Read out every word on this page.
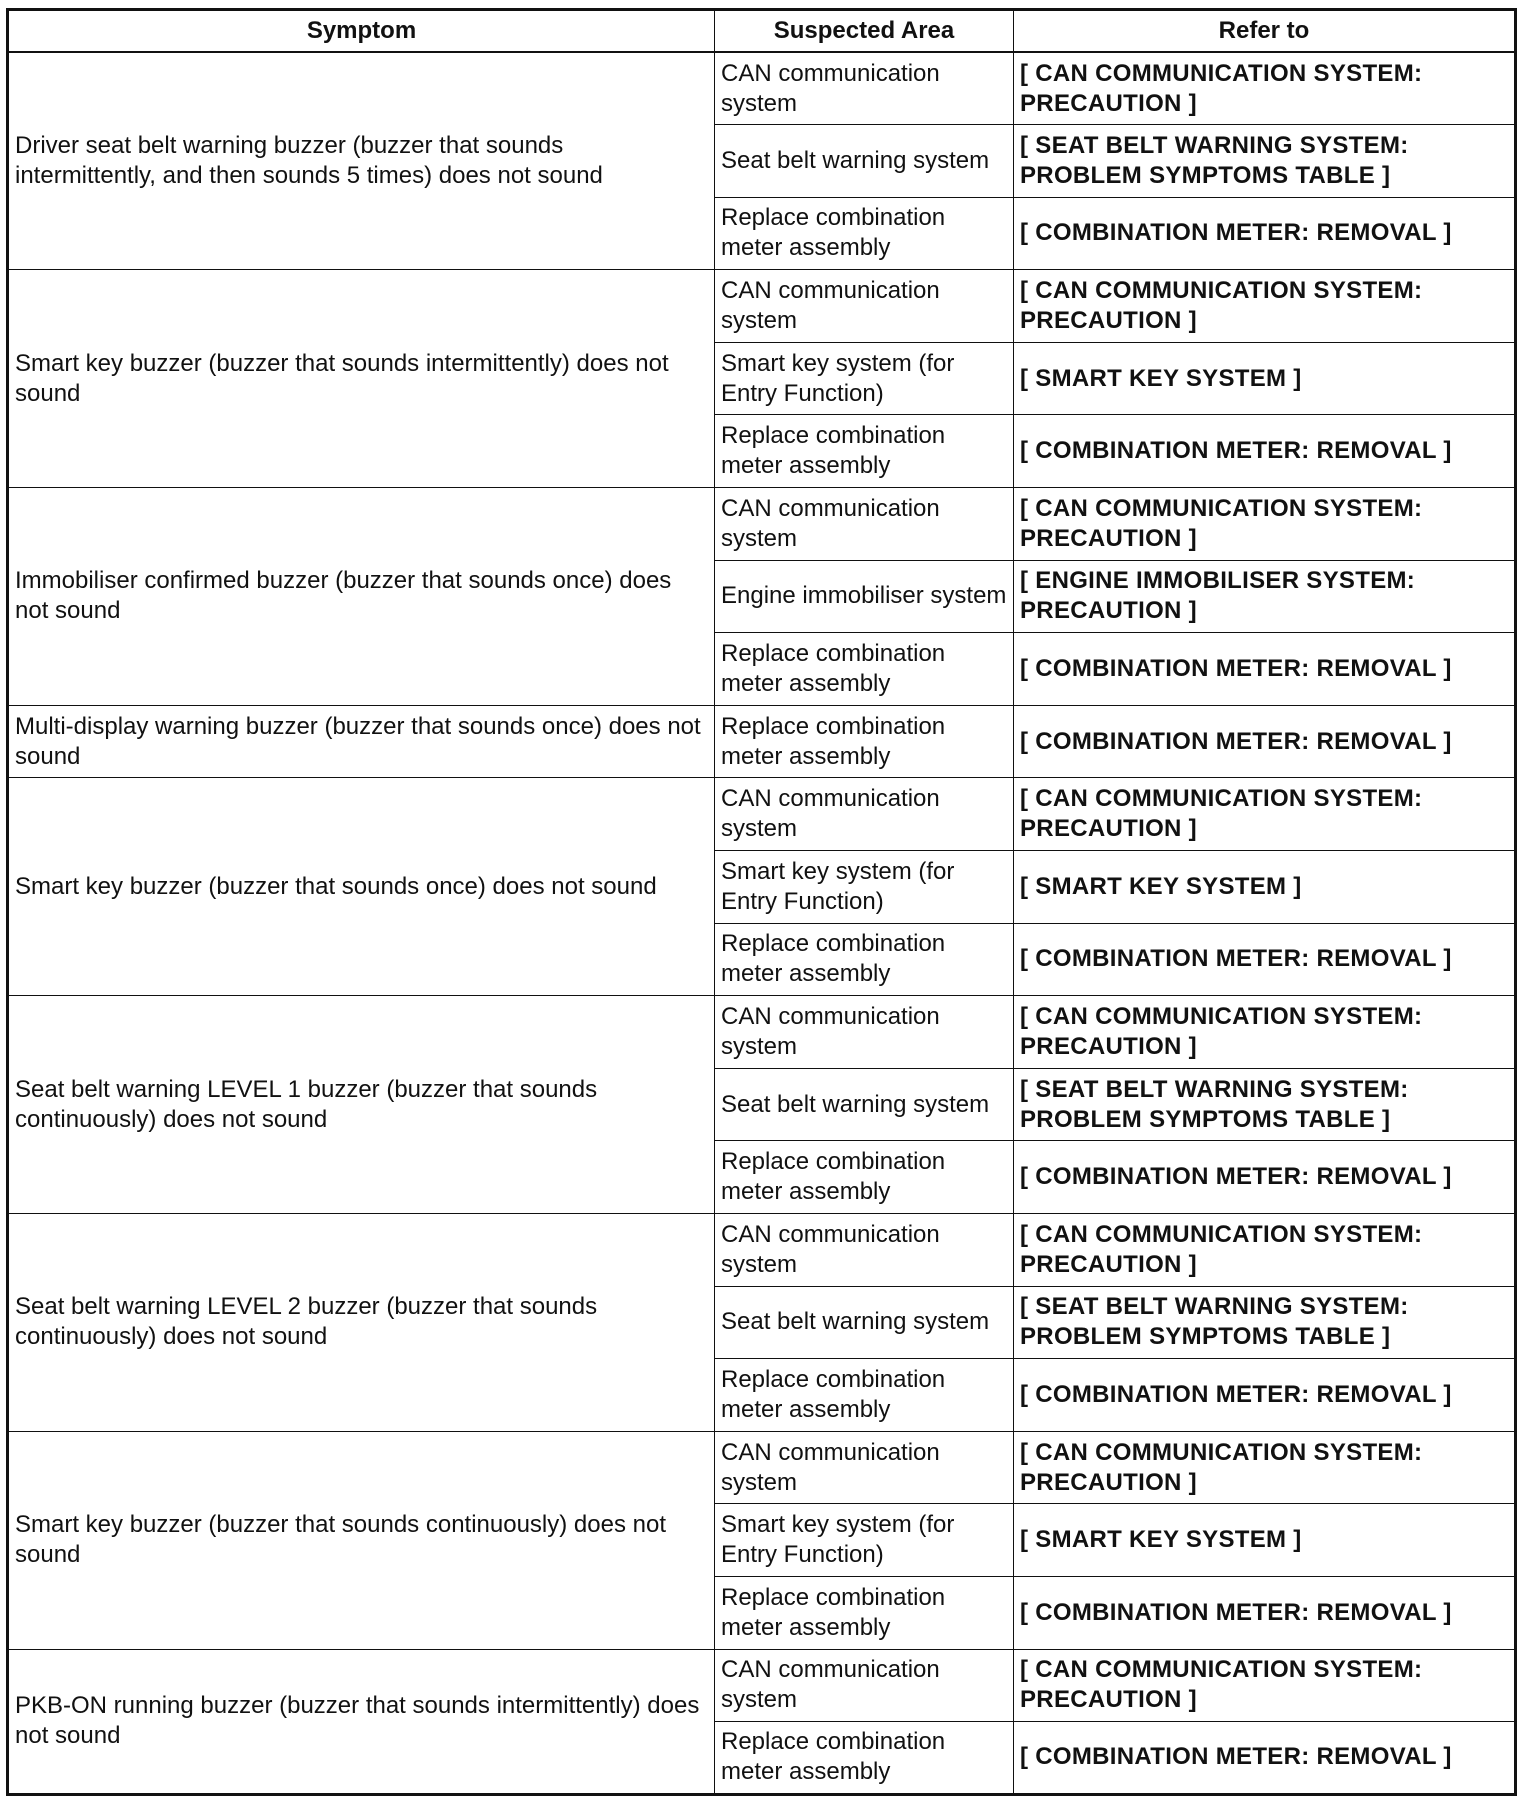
Symptom	Suspected Area	Refer to
Driver seat belt warning buzzer (buzzer that sounds intermittently, and then sounds 5 times) does not sound	CAN communication system	[ CAN COMMUNICATION SYSTEM: PRECAUTION ]
	Seat belt warning system	[ SEAT BELT WARNING SYSTEM: PROBLEM SYMPTOMS TABLE ]
	Replace combination meter assembly	[ COMBINATION METER: REMOVAL ]
Smart key buzzer (buzzer that sounds intermittently) does not sound	CAN communication system	[ CAN COMMUNICATION SYSTEM: PRECAUTION ]
	Smart key system (for Entry Function)	[ SMART KEY SYSTEM ]
	Replace combination meter assembly	[ COMBINATION METER: REMOVAL ]
Immobiliser confirmed buzzer (buzzer that sounds once) does not sound	CAN communication system	[ CAN COMMUNICATION SYSTEM: PRECAUTION ]
	Engine immobiliser system	[ ENGINE IMMOBILISER SYSTEM: PRECAUTION ]
	Replace combination meter assembly	[ COMBINATION METER: REMOVAL ]
Multi-display warning buzzer (buzzer that sounds once) does not sound	Replace combination meter assembly	[ COMBINATION METER: REMOVAL ]
Smart key buzzer (buzzer that sounds once) does not sound	CAN communication system	[ CAN COMMUNICATION SYSTEM: PRECAUTION ]
	Smart key system (for Entry Function)	[ SMART KEY SYSTEM ]
	Replace combination meter assembly	[ COMBINATION METER: REMOVAL ]
Seat belt warning LEVEL 1 buzzer (buzzer that sounds continuously) does not sound	CAN communication system	[ CAN COMMUNICATION SYSTEM: PRECAUTION ]
	Seat belt warning system	[ SEAT BELT WARNING SYSTEM: PROBLEM SYMPTOMS TABLE ]
	Replace combination meter assembly	[ COMBINATION METER: REMOVAL ]
Seat belt warning LEVEL 2 buzzer (buzzer that sounds continuously) does not sound	CAN communication system	[ CAN COMMUNICATION SYSTEM: PRECAUTION ]
	Seat belt warning system	[ SEAT BELT WARNING SYSTEM: PROBLEM SYMPTOMS TABLE ]
	Replace combination meter assembly	[ COMBINATION METER: REMOVAL ]
Smart key buzzer (buzzer that sounds continuously) does not sound	CAN communication system	[ CAN COMMUNICATION SYSTEM: PRECAUTION ]
	Smart key system (for Entry Function)	[ SMART KEY SYSTEM ]
	Replace combination meter assembly	[ COMBINATION METER: REMOVAL ]
PKB-ON running buzzer (buzzer that sounds intermittently) does not sound	CAN communication system	[ CAN COMMUNICATION SYSTEM: PRECAUTION ]
	Replace combination meter assembly	[ COMBINATION METER: REMOVAL ]
